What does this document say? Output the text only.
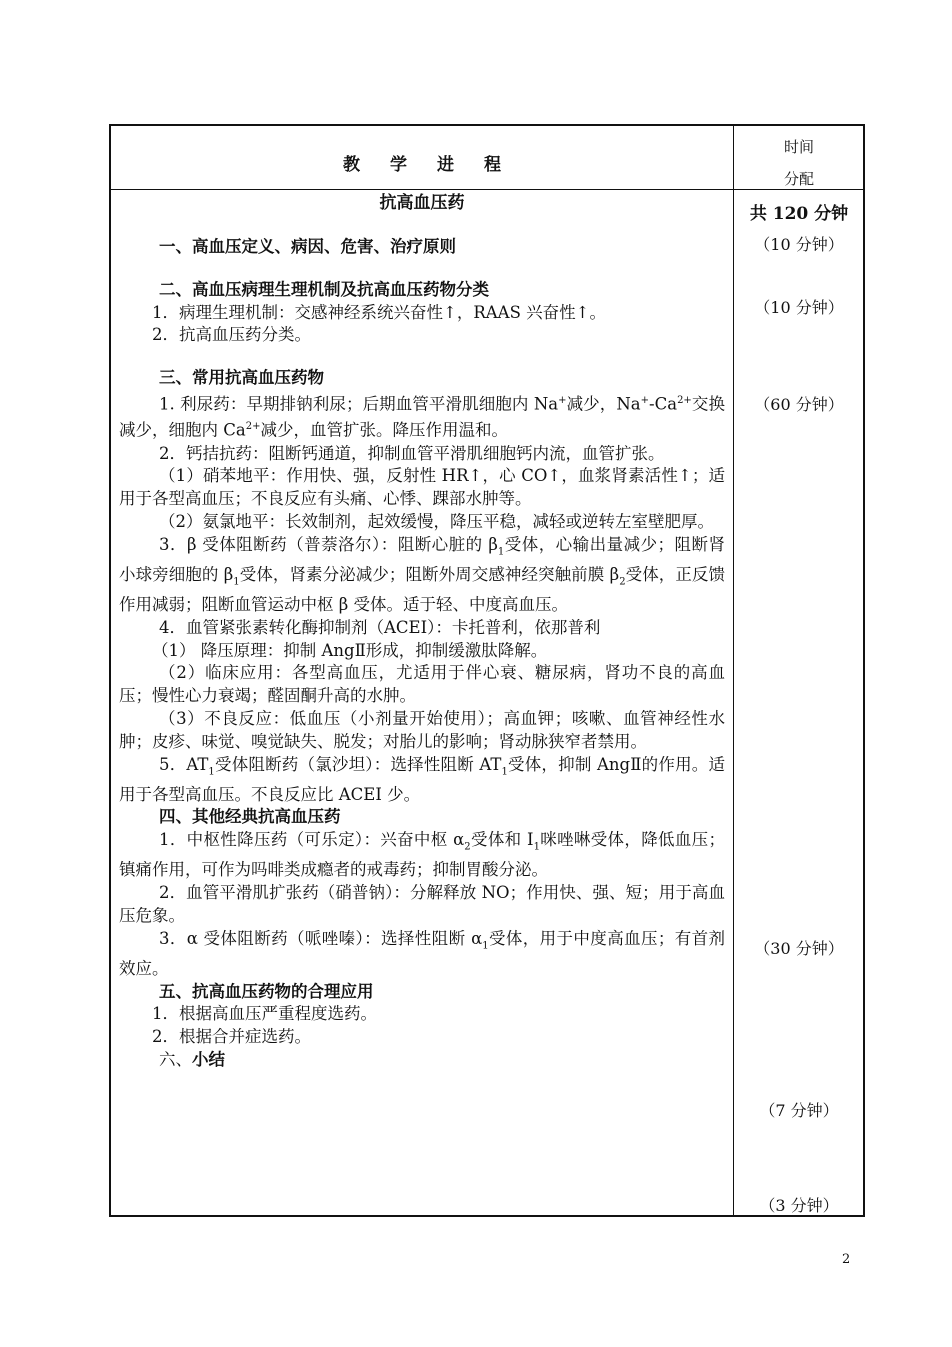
教学进程
时间
分配

抗高血压药

一、高血压定义、病因、危害、治疗原则

二、高血压病理生理机制及抗高血压药物分类

1．病理生理机制：交感神经系统兴奋性↑，RAAS 兴奋性↑。

2．抗高血压药分类。

三、常用抗高血压药物

1. 利尿药：早期排钠利尿；后期血管平滑肌细胞内 Na+减少，$Na^+-Ca^{2+}$交换减少，细胞内 $Ca^{2+}$减少，血管扩张。降压作用温和。

2．钙拮抗药：阻断钙通道，抑制血管平滑肌细胞钙内流，血管扩张。

（1）硝苯地平：作用快、强，反射性 HR↑，心 CO↑，血浆肾素活性↑；适用于各型高血压；不良反应有头痛、心悸、踝部水肿等。

（2）氨氯地平：长效制剂，起效缓慢，降压平稳，减轻或逆转左室壁肥厚。

3．β 受体阻断药（普萘洛尔）：阻断心脏的 $\beta_1$受体，心输出量减少；阻断肾小球旁细胞的 $\beta_1$受体，肾素分泌减少；阻断外周交感神经突触前膜 $\beta_2$受体，正反馈作用减弱；阻断血管运动中枢 β 受体。适于轻、中度高血压。

4．血管紧张素转化酶抑制剂（ACEI）：卡托普利，依那普利

（1） 降压原理：抑制 AngⅡ形成，抑制缓激肽降解。

（2）临床应用：各型高血压，尤适用于伴心衰、糖尿病，肾功不良的高血压；慢性心力衰竭；醛固酮升高的水肿。

（3）不良反应：低血压（小剂量开始使用）；高血钾；咳嗽、血管神经性水肿；皮疹、味觉、嗅觉缺失、脱发；对胎儿的影响；肾动脉狭窄者禁用。

5．$AT_1$受体阻断药（氯沙坦）：选择性阻断 $AT_1$受体，抑制 AngⅡ的作用。适用于各型高血压。不良反应比 ACEI 少。

四、其他经典抗高血压药

1．中枢性降压药（可乐定）：兴奋中枢 $\alpha_2$受体和 $I_1$咪唑啉受体，降低血压；镇痛作用，可作为吗啡类成瘾者的戒毒药；抑制胃酸分泌。

2．血管平滑肌扩张药（硝普钠）：分解释放 NO；作用快、强、短；用于高血压危象。

3．α 受体阻断药（哌唑嗪）：选择性阻断 $\alpha_1$受体，用于中度高血压；有首剂效应。

五、抗高血压药物的合理应用

1．根据高血压严重程度选药。

2．根据合并症选药。

六、小结

共 120 分钟
（10 分钟）
（10 分钟）
（60 分钟）
（30 分钟）
（7 分钟）
（3 分钟）
2
